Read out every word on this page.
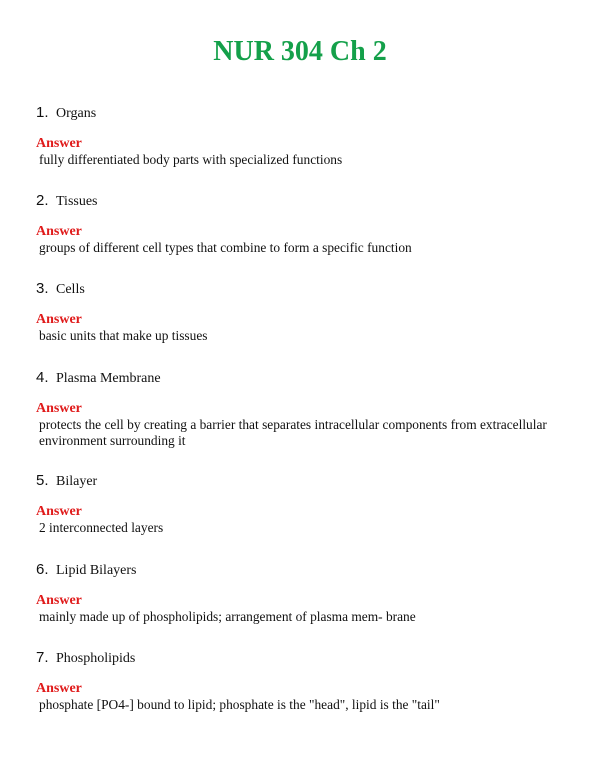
NUR 304 Ch 2
1. Organs
Answer
fully differentiated body parts with specialized functions
2. Tissues
Answer
groups of different cell types that combine to form a specific function
3. Cells
Answer
basic units that make up tissues
4. Plasma Membrane
Answer
protects the cell by creating a barrier that separates intracellular components from extracellular environment surrounding it
5. Bilayer
Answer
2 interconnected layers
6. Lipid Bilayers
Answer
mainly made up of phospholipids; arrangement of plasma mem- brane
7. Phospholipids
Answer
phosphate [PO4-] bound to lipid; phosphate is the "head", lipid is the "tail"
